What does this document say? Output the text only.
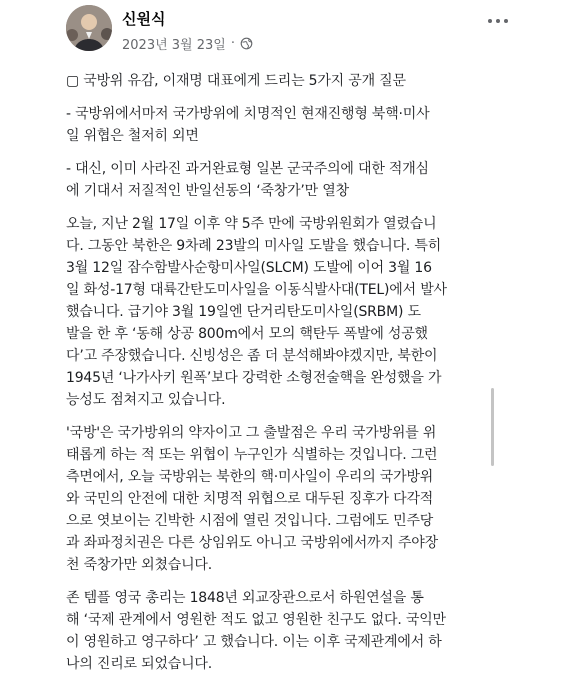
신원식
2023년 3월 23일 ·

▢ 국방위 유감, 이재명 대표에게 드리는 5가지 공개 질문

- 국방위에서마저 국가방위에 치명적인 현재진행형 북핵·미사
일 위협은 철저히 외면

- 대신, 이미 사라진 과거완료형 일본 군국주의에 대한 적개심
에 기대서 저질적인 반일선동의 ‘죽창가’만 열창

오늘, 지난 2월 17일 이후 약 5주 만에 국방위원회가 열렸습니
다. 그동안 북한은 9차례 23발의 미사일 도발을 했습니다. 특히
3월 12일 잠수함발사순항미사일(SLCM) 도발에 이어 3월 16
일 화성-17형 대륙간탄도미사일을 이동식발사대(TEL)에서 발사
했습니다. 급기야 3월 19일엔 단거리탄도미사일(SRBM) 도
발을 한 후 ‘동해 상공 800m에서 모의 핵탄두 폭발에 성공했
다’고 주장했습니다. 신빙성은 좀 더 분석해봐야겠지만, 북한이
1945년 ‘나가사키 원폭’보다 강력한 소형전술핵을 완성했을 가
능성도 점쳐지고 있습니다.

'국방'은 국가방위의 약자이고 그 출발점은 우리 국가방위를 위
태롭게 하는 적 또는 위협이 누구인가 식별하는 것입니다. 그런
측면에서, 오늘 국방위는 북한의 핵·미사일이 우리의 국가방위
와 국민의 안전에 대한 치명적 위협으로 대두된 징후가 다각적
으로 엿보이는 긴박한 시점에 열린 것입니다. 그럼에도 민주당
과 좌파정치권은 다른 상임위도 아니고 국방위에서까지 주야장
천 죽창가만 외쳤습니다.

존 템플 영국 총리는 1848년 외교장관으로서 하원연설을 통
해 ‘국제 관계에서 영원한 적도 없고 영원한 친구도 없다. 국익만
이 영원하고 영구하다’ 고 했습니다. 이는 이후 국제관계에서 하
나의 진리로 되었습니다.
